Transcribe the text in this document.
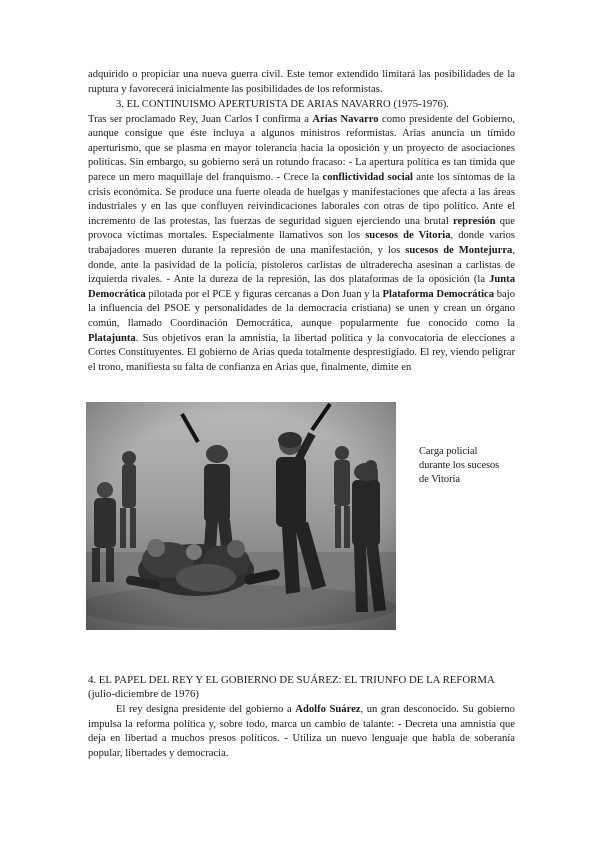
adquirido o propiciar una nueva guerra civil. Este temor extendido limitará las posibilidades de la ruptura y favorecerá inicialmente las posibilidades de los reformistas.

3. EL CONTINUISMO APERTURISTA DE ARIAS NAVARRO (1975-1976).
Tras ser proclamado Rey, Juan Carlos I confirma a Arias Navarro como presidente del Gobierno, aunque consigue que éste incluya a algunos ministros reformistas. Arias anuncia un tímido aperturismo, que se plasma en mayor tolerancia hacia la oposición y un proyecto de asociaciones políticas. Sin embargo, su gobierno será un rotundo fracaso: - La apertura política es tan tímida que parece un mero maquillaje del franquismo. - Crece la conflictividad social ante los síntomas de la crisis económica. Se produce una fuerte oleada de huelgas y manifestaciones que afecta a las áreas industriales y en las que confluyen reivindicaciones laborales con otras de tipo político. Ante el incremento de las protestas, las fuerzas de seguridad siguen ejerciendo una brutal represión que provoca víctimas mortales. Especialmente llamativos son los sucesos de Vitoria, donde varios trabajadores mueren durante la represión de una manifestación, y los sucesos de Montejurra, donde, ante la pasividad de la policía, pistoleros carlistas de ultraderecha asesinan a carlistas de izquierda rivales. - Ante la dureza de la represión, las dos plataformas de la oposición (la Junta Democrática pilotada por el PCE y figuras cercanas a Don Juan y la Plataforma Democrática bajo la influencia del PSOE y personalidades de la democracia cristiana) se unen y crean un órgano común, llamado Coordinación Democrática, aunque popularmente fue conocido como la Platajunta. Sus objetivos eran la amnistía, la libertad política y la convocatoria de elecciones a Cortes Constituyentes. El gobierno de Arias queda totalmente desprestigiado. El rey, viendo peligrar el trono, manifiesta su falta de confianza en Arias que, finalmente, dimite en

Carga policial durante los sucesos de Vitoria

4. EL PAPEL DEL REY Y EL GOBIERNO DE SUÁREZ: EL TRIUNFO DE LA REFORMA (julio-diciembre de 1976)

El rey designa presidente del gobierno a Adolfo Suárez, un gran desconocido. Su gobierno impulsa la reforma política y, sobre todo, marca un cambio de talante: - Decreta una amnistía que deja en libertad a muchos presos políticos. - Utiliza un nuevo lenguaje que habla de soberanía popular, libertades y democracia.
